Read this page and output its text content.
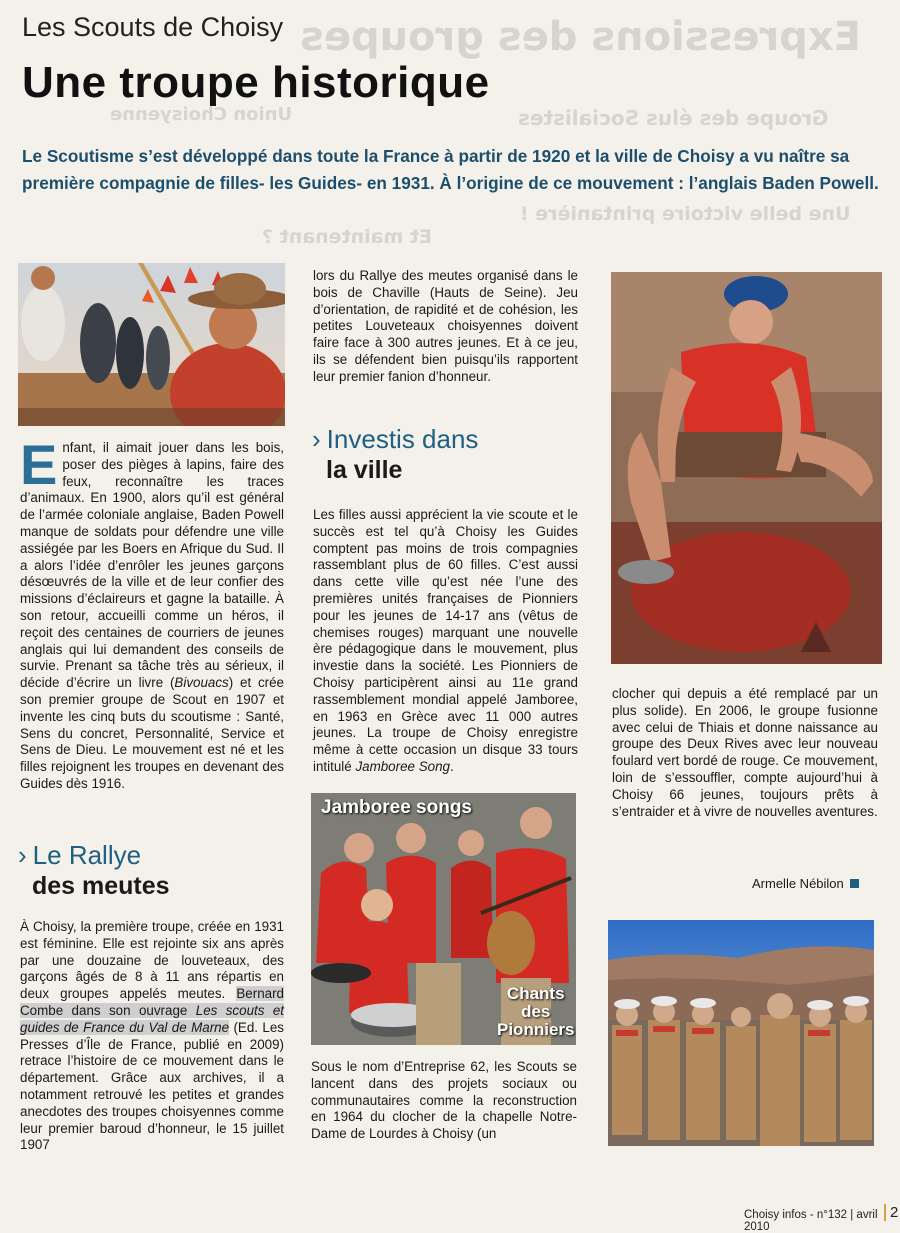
Expressions des groupes
Groupe des élus Socialistes
Union Choisyenne
Une belle victoire printanière !
Et maintenant ?
Les Scouts de Choisy
Une troupe historique
Le Scoutisme s’est développé dans toute la France à partir de 1920 et la ville de Choisy a vu naître sa première compagnie de filles- les Guides- en 1931. À l’origine de ce mouvement : l’anglais Baden Powell.
Jamboree songs
Chants
des
Pionniers

Enfant, il aimait jouer dans les bois, poser des pièges à lapins, faire des feux, reconnaître les traces d’animaux. En 1900, alors qu’il est général de l’armée coloniale anglaise, Baden Powell manque de soldats pour défendre une ville assiégée par les Boers en Afrique du Sud. Il a alors l’idée d’enrôler les jeunes garçons désœuvrés de la ville et de leur confier des missions d’éclaireurs et gagne la bataille. À son retour, accueilli comme un héros, il reçoit des centaines de courriers de jeunes anglais qui lui demandent des conseils de survie. Prenant sa tâche très au sérieux, il décide d’écrire un livre (Bivouacs) et crée son premier groupe de Scout en 1907 et invente les cinq buts du scoutisme : Santé, Sens du concret, Personnalité, Service et Sens de Dieu. Le mouvement est né et les filles rejoignent les troupes en devenant des Guides dès 1916.

› Le Rallye
des meutes

À Choisy, la première troupe, créée en 1931 est féminine. Elle est rejointe six ans après par une douzaine de louveteaux, des garçons âgés de 8 à 11 ans répartis en deux groupes appelés meutes. Bernard Combe dans son ouvrage Les scouts et guides de France du Val de Marne (Ed. Les Presses d’Île de France, publié en 2009) retrace l’histoire de ce mouvement dans le département. Grâce aux archives, il a notamment retrouvé les petites et grandes anecdotes des troupes choisyennes comme leur premier baroud d’honneur, le 15 juillet 1907

lors du Rallye des meutes organisé dans le bois de Chaville (Hauts de Seine). Jeu d’orientation, de rapidité et de cohésion, les petites Louveteaux choisyennes doivent faire face à 300 autres jeunes. Et à ce jeu, ils se défendent bien puisqu’ils rapportent leur premier fanion d’honneur.

› Investis dans
la ville

Les filles aussi apprécient la vie scoute et le succès est tel qu’à Choisy les Guides comptent pas moins de trois compagnies rassemblant plus de 60 filles. C’est aussi dans cette ville qu’est née l’une des premières unités françaises de Pionniers pour les jeunes de 14-17 ans (vêtus de chemises rouges) marquant une nouvelle ère pédagogique dans le mouvement, plus investie dans la société. Les Pionniers de Choisy participèrent ainsi au 11e grand rassemblement mondial appelé Jamboree, en 1963 en Grèce avec 11 000 autres jeunes. La troupe de Choisy enregistre même à cette occasion un disque 33 tours intitulé Jamboree Song.

Sous le nom d’Entreprise 62, les Scouts se lancent dans des projets sociaux ou communautaires comme la reconstruction en 1964 du clocher de la chapelle Notre-Dame de Lourdes à Choisy (un

clocher qui depuis a été remplacé par un plus solide). En 2006, le groupe fusionne avec celui de Thiais et donne naissance au groupe des Deux Rives avec leur nouveau foulard vert bordé de rouge. Ce mouvement, loin de s’essouffler, compte aujourd’hui à Choisy 66 jeunes, toujours prêts à s’entraider et à vivre de nouvelles aventures.

Armelle Nébilon
Choisy infos - n°132 | avril 2010
2
